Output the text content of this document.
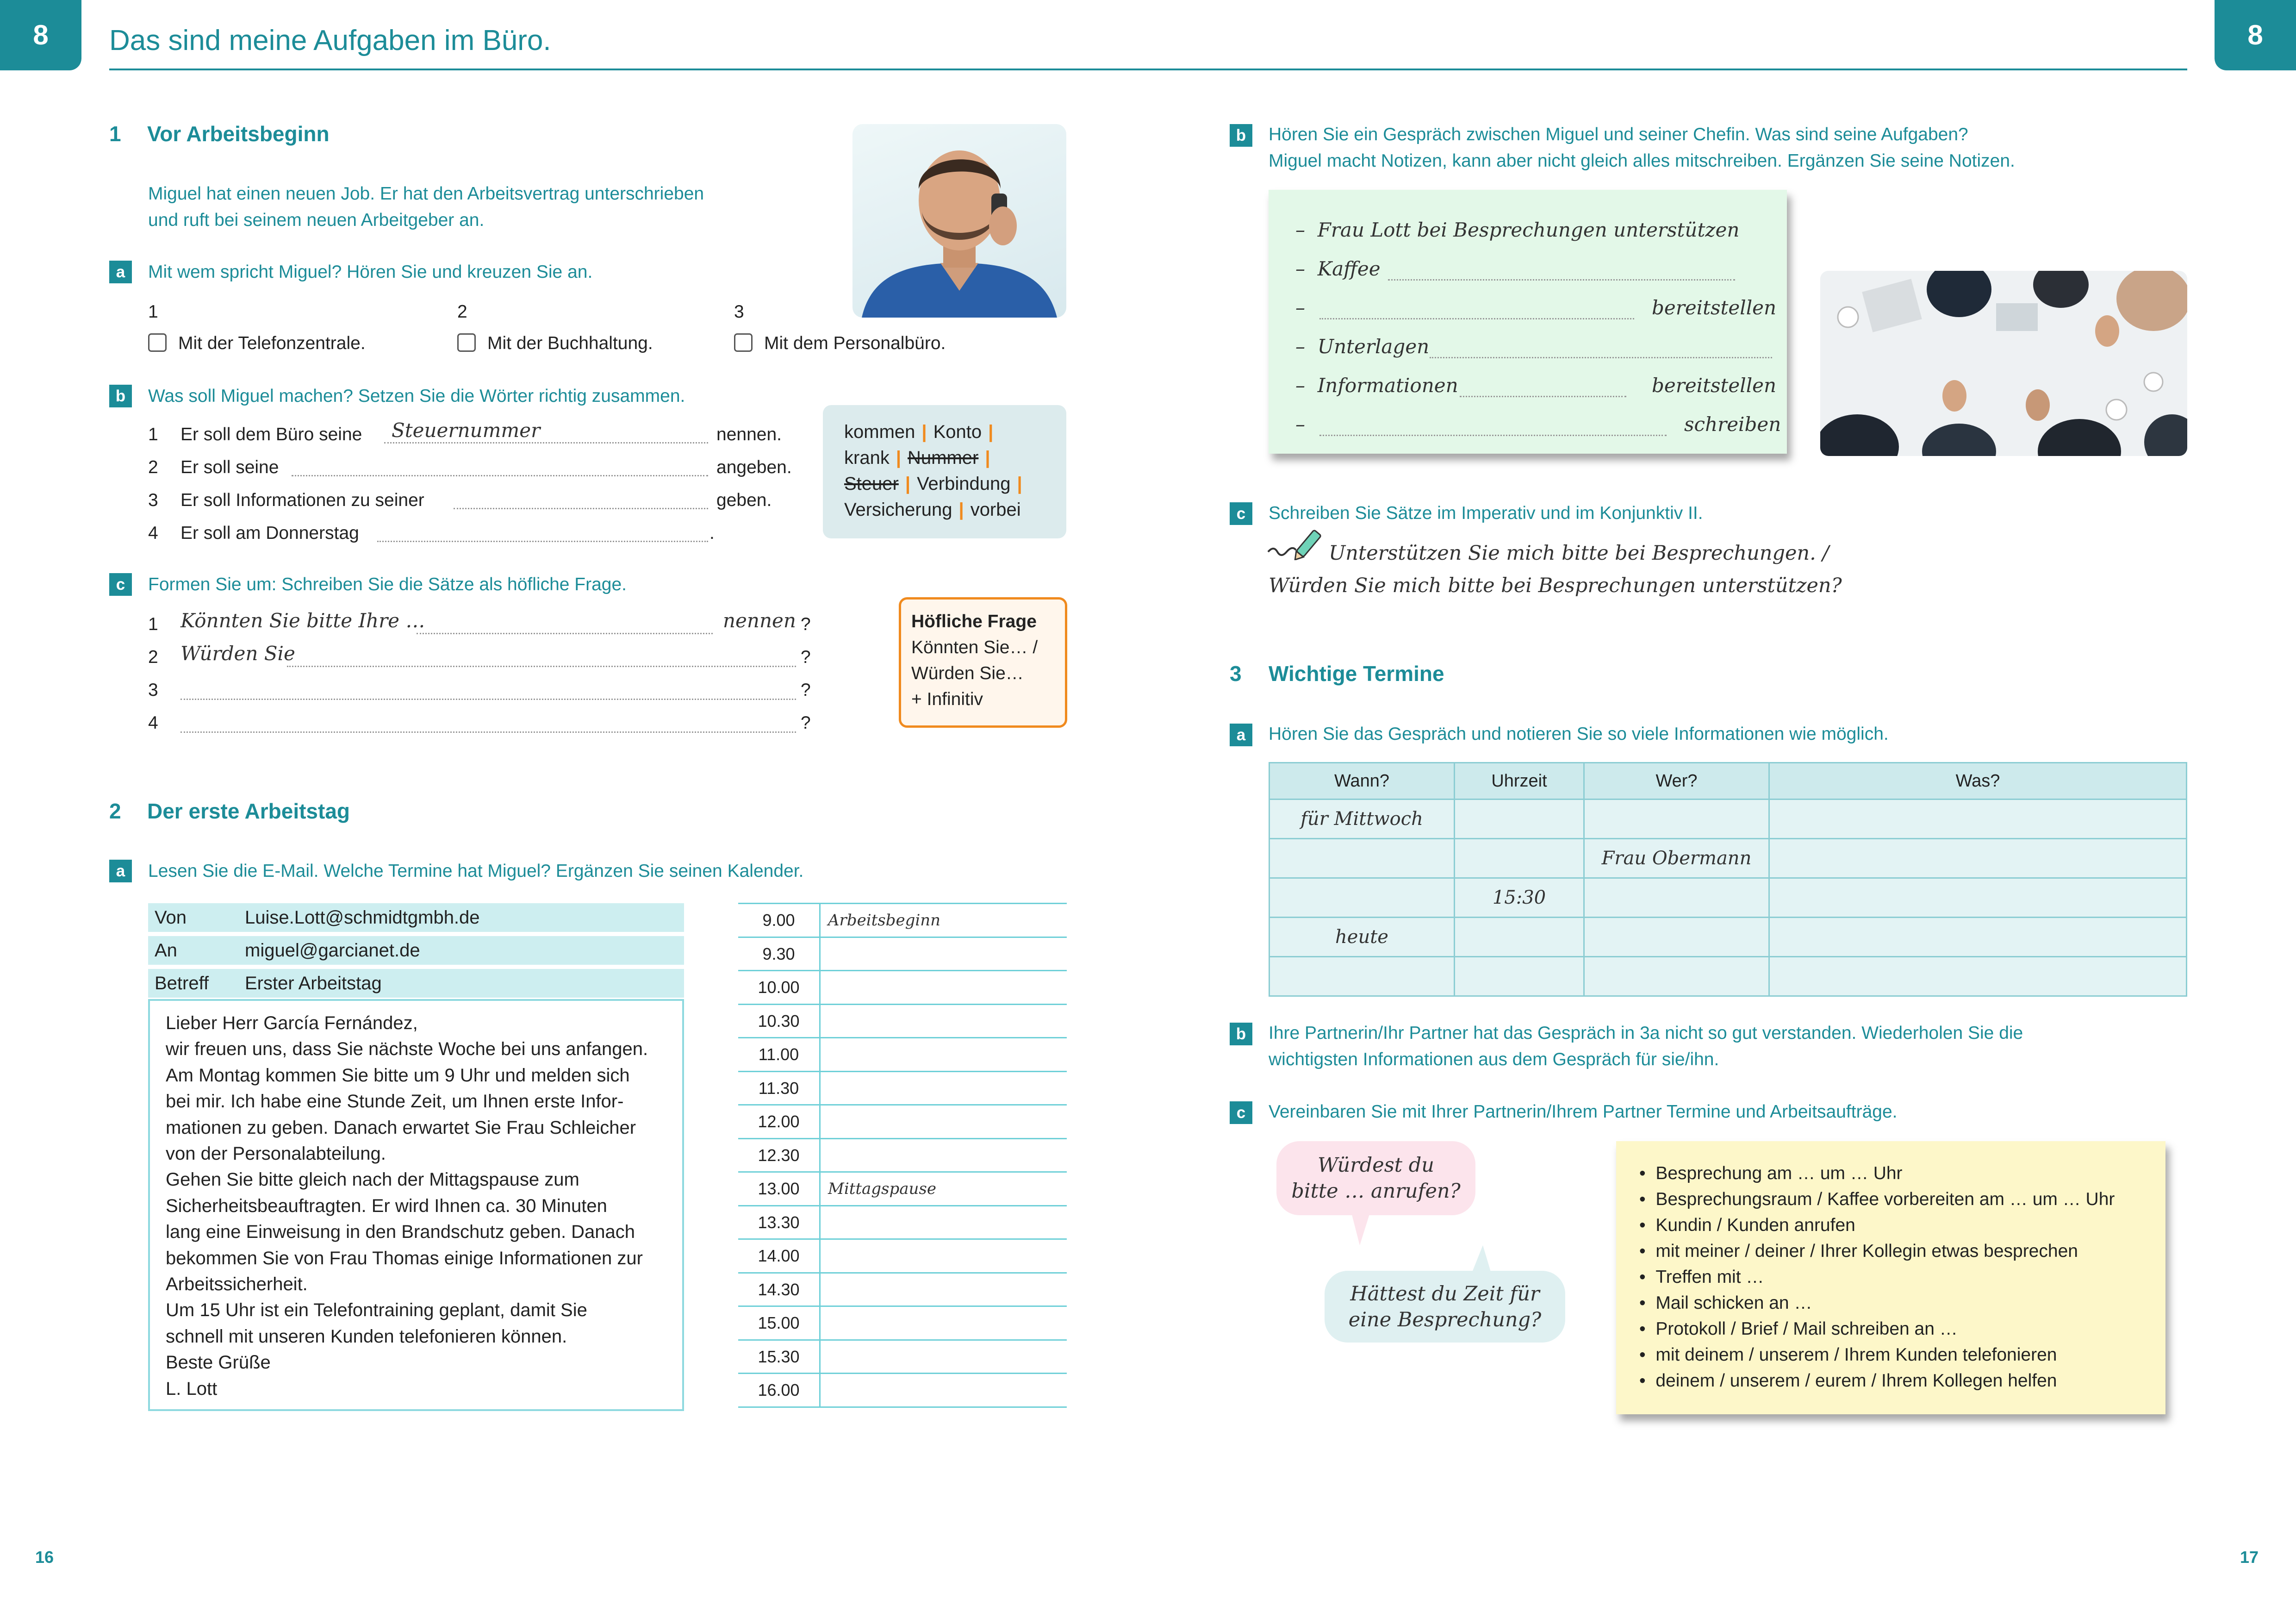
8	Das sind meine Aufgaben im Büro.	8
1 Vor Arbeitsbeginn
Miguel hat einen neuen Job. Er hat den Arbeitsvertrag unterschrieben
und ruft bei seinem neuen Arbeitgeber an.
a	Mit wem spricht Miguel? Hören Sie und kreuzen Sie an.
1
Mit der Telefonzentrale.
2
Mit der Buchhaltung.
3
Mit dem Personalbüro.
b	Was soll Miguel machen? Setzen Sie die Wörter richtig zusammen.
1 Er soll dem Büro seine Steuernummer	nennen.
2 Er soll seine	angeben.
3 Er soll Informationen zu seiner	geben.
4 Er soll am Donnerstag	.
kommen | Konto |
krank | Nummer |
Steuer | Verbindung |
Versicherung | vorbei
c	Formen Sie um: Schreiben Sie die Sätze als höfliche Frage.
1 Könnten Sie bitte Ihre …	nennen ?
2 Würden Sie	?
3	?
4	?
Höfliche Frage
Könnten Sie… /
Würden Sie…
+ Infinitiv
2 Der erste Arbeitstag
a	Lesen Sie die E-Mail. Welche Termine hat Miguel? Ergänzen Sie seinen Kalender.
Von	Luise.Lott@schmidtgmbh.de
An	miguel@garcianet.de
Betreff	Erster Arbeitstag
Lieber Herr García Fernández,
wir freuen uns, dass Sie nächste Woche bei uns anfangen.
Am Montag kommen Sie bitte um 9 Uhr und melden sich
bei mir. Ich habe eine Stunde Zeit, um Ihnen erste Infor-
mationen zu geben. Danach erwartet Sie Frau Schleicher
von der Personalabteilung.
Gehen Sie bitte gleich nach der Mittagspause zum
Sicherheitsbeauftragten. Er wird Ihnen ca. 30 Minuten
lang eine Einweisung in den Brandschutz geben. Danach
bekommen Sie von Frau Thomas einige Informationen zur
Arbeitssicherheit.
Um 15 Uhr ist ein Telefontraining geplant, damit Sie
schnell mit unseren Kunden telefonieren können.
Beste Grüße
L. Lott
9.00	Arbeitsbeginn
9.30
10.00
10.30
11.00
11.30
12.00
12.30
13.00	Mittagspause
13.30
14.00
14.30
15.00
15.30
16.00
b	Hören Sie ein Gespräch zwischen Miguel und seiner Chefin. Was sind seine Aufgaben?
Miguel macht Notizen, kann aber nicht gleich alles mitschreiben. Ergänzen Sie seine Notizen.
–  Frau Lott bei Besprechungen unterstützen
–  Kaffee
–	bereitstellen
–  Unterlagen
–  Informationen	bereitstellen
–	schreiben
c	Schreiben Sie Sätze im Imperativ und im Konjunktiv II.
Unterstützen Sie mich bitte bei Besprechungen. /
Würden Sie mich bitte bei Besprechungen unterstützen?
3 Wichtige Termine
a	Hören Sie das Gespräch und notieren Sie so viele Informationen wie möglich.
Wann?	Uhrzeit	Wer?	Was?
für Mittwoch			
		Frau Obermann	
	15:30		
heute			

b	Ihre Partnerin/Ihr Partner hat das Gespräch in 3a nicht so gut verstanden. Wiederholen Sie die
wichtigsten Informationen aus dem Gespräch für sie/ihn.
c	Vereinbaren Sie mit Ihrer Partnerin/Ihrem Partner Termine und Arbeitsaufträge.
Würdest du
bitte … anrufen?
Hättest du Zeit für
eine Besprechung?
•  Besprechung am … um … Uhr
•  Besprechungsraum / Kaffee vorbereiten am … um … Uhr
•  Kundin / Kunden anrufen
•  mit meiner / deiner / Ihrer Kollegin etwas besprechen
•  Treffen mit …
•  Mail schicken an …
•  Protokoll / Brief / Mail schreiben an …
•  mit deinem / unserem / Ihrem Kunden telefonieren
•  deinem / unserem / eurem / Ihrem Kollegen helfen
16	17
